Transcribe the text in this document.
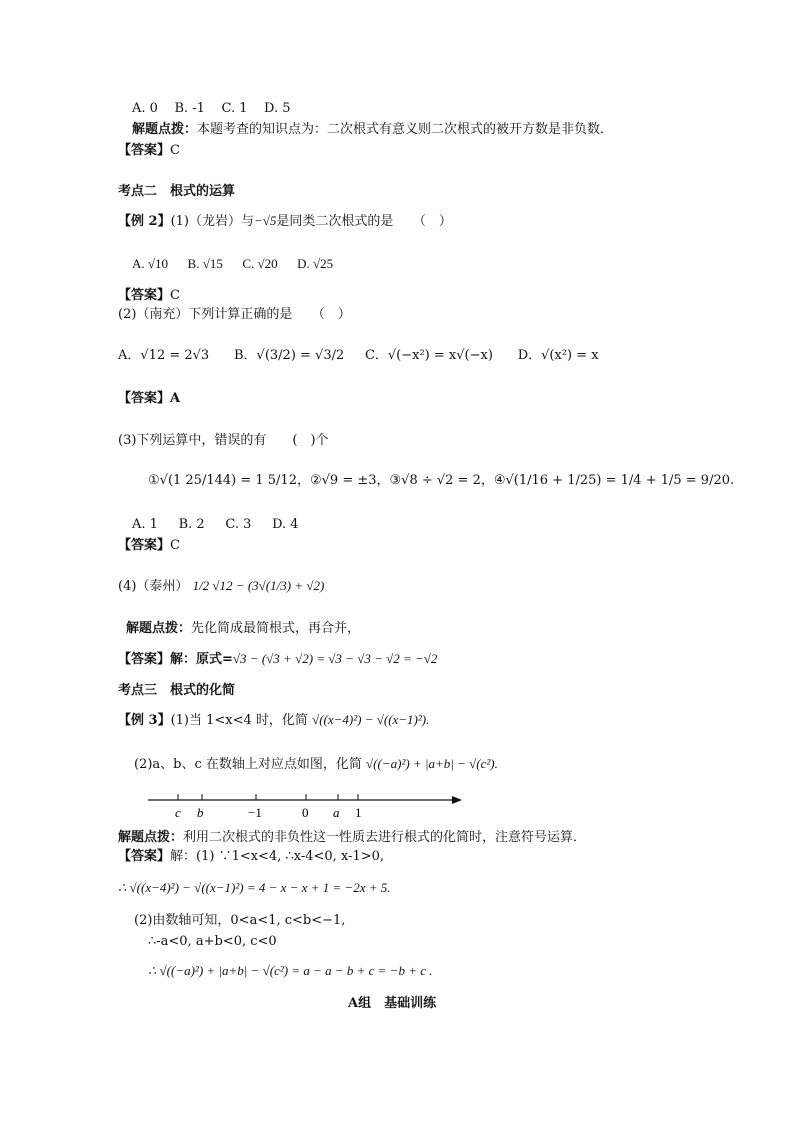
A. 0 B. -1 C. 1 D. 5
解题点拨：本题考查的知识点为：二次根式有意义则二次根式的被开方数是非负数．
【答案】C
考点二　根式的运算
【例 2】(1)（龙岩）与−√5是同类二次根式的是　　（　）
A. √10 B. √15 C. √20 D. √25
【答案】C
(2)（南充）下列计算正确的是　　（　）
A．√12 = 2√3 B．√(3/2) = √3/2 C．√(−x²) = x√(−x) D．√(x²) = x
【答案】A
(3)下列运算中，错误的有　　(　)个
①√(1 25/144) = 1 5/12，②√9 = ±3，③√8 ÷ √2 = 2，④√(1/16 + 1/25) = 1/4 + 1/5 = 9/20.
A. 1 B. 2 C. 3 D. 4
【答案】C
(4)（泰州） 1/2 √12 − (3√(1/3) + √2)
解题点拨：先化简成最简根式，再合并，
【答案】解：原式=√3 − (√3 + √2) = √3 − √3 − √2 = −√2
考点三　根式的化简
【例 3】(1)当 1<x<4 时，化简 √((x−4)²) − √((x−1)²).
(2)a、b、c 在数轴上对应点如图，化简 √((−a)²) + |a+b| − √(c²).
c b	−1	0 a 1
解题点拨：利用二次根式的非负性这一性质去进行根式的化简时，注意符号运算．
【答案】解：(1) ∵1<x<4, ∴x-4<0, x-1>0,
∴ √((x−4)²) − √((x−1)²) = 4 − x − x + 1 = −2x + 5.
(2)由数轴可知，0<a<1, c<b<−1,
∴-a<0, a+b<0, c<0
∴ √((−a)²) + |a+b| − √(c²) = a − a − b + c = −b + c .
A组　基础训练
